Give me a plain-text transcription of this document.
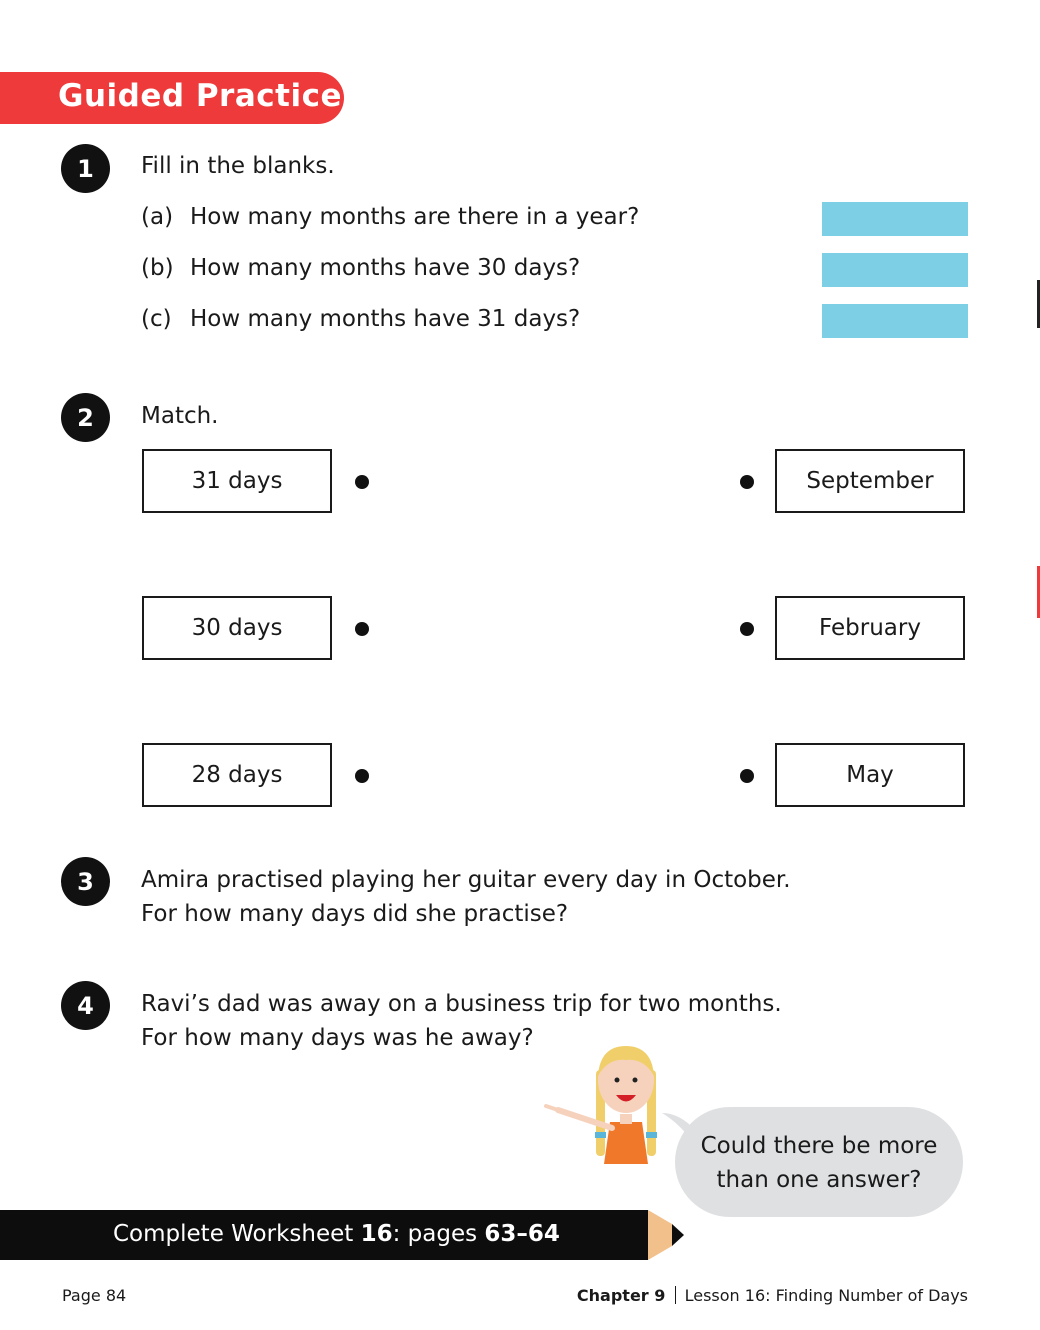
Guided Practice
1	Fill in the blanks.
(a) How many months are there in a year?
(b) How many months have 30 days?
(c) How many months have 31 days?
2	Match.
31 days	September
30 days	February
28 days	May
3	Amira practised playing her guitar every day in October.
For how many days did she practise?
4	Ravi’s dad was away on a business trip for two months.
For how many days was he away?
Could there be more
than one answer?
Complete Worksheet 16: pages 63–64
Page 84	Chapter 9 Lesson 16: Finding Number of Days
